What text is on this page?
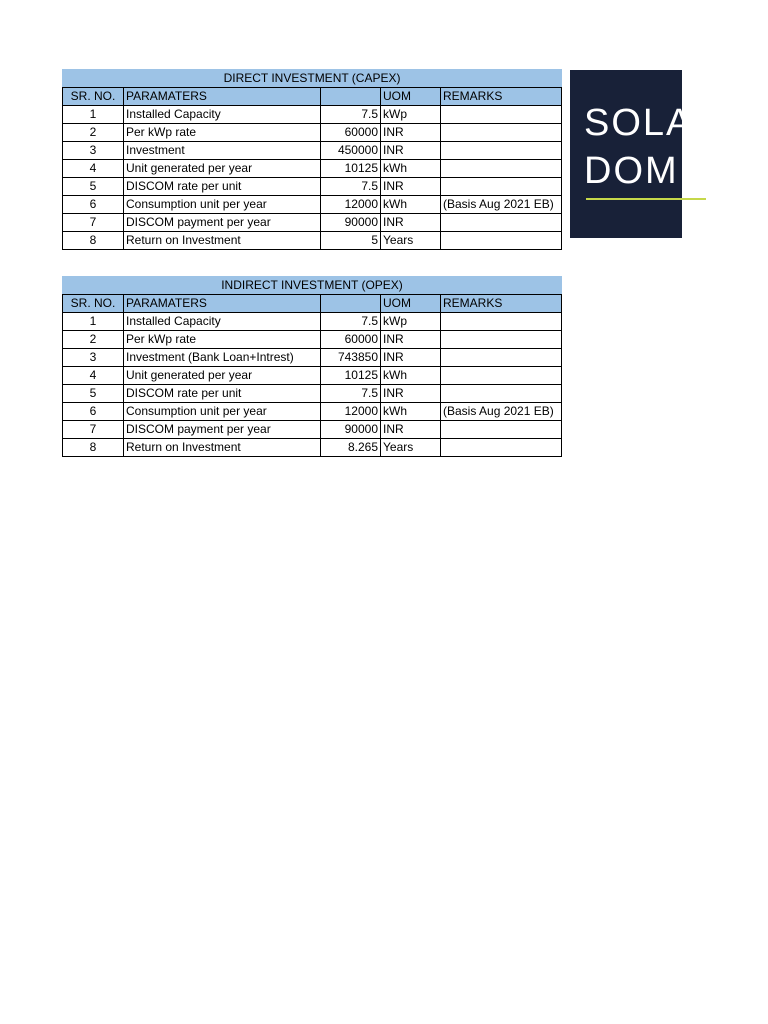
DIRECT INVESTMENT (CAPEX)				
SR. NO.	PARAMATERS		UOM	REMARKS
1	Installed Capacity	7.5	kWp	
2	Per kWp rate	60000	INR	
3	Investment	450000	INR	
4	Unit generated per year	10125	kWh	
5	DISCOM rate per unit	7.5	INR	
6	Consumption unit per year	12000	kWh	(Basis Aug 2021 EB)
7	DISCOM payment per year	90000	INR	
8	Return on Investment	5	Years	
INDIRECT INVESTMENT (OPEX)				
SR. NO.	PARAMATERS		UOM	REMARKS
1	Installed Capacity	7.5	kWp	
2	Per kWp rate	60000	INR	
3	Investment (Bank Loan+Intrest)	743850	INR	
4	Unit generated per year	10125	kWh	
5	DISCOM rate per unit	7.5	INR	
6	Consumption unit per year	12000	kWh	(Basis Aug 2021 EB)
7	DISCOM payment per year	90000	INR	
8	Return on Investment	8.265	Years	
SOLA
DOM
